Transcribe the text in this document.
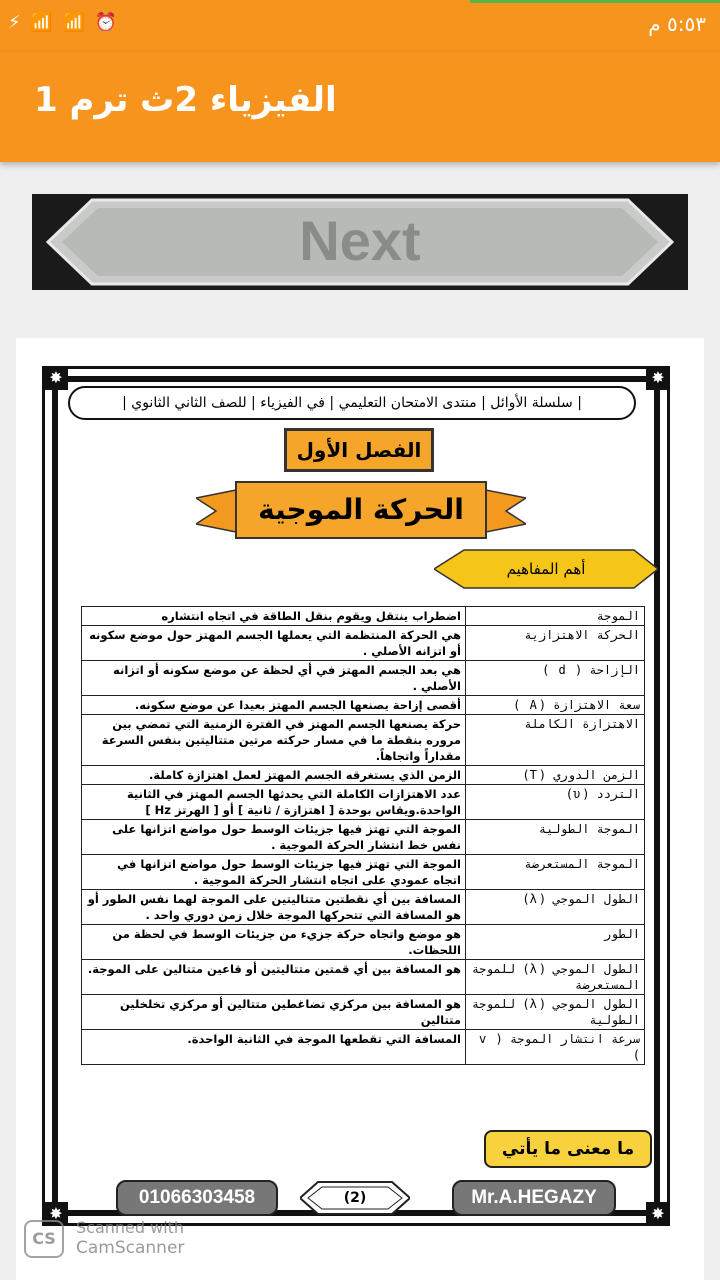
⚡ 📶 📶 ⏰	٥:٥٣ م
الفيزياء 2ث ترم 1
Next
✸	✸
✸	✸
| سلسلة الأوائل | منتدى الامتحان التعليمي | في الفيزياء | للصف الثاني الثانوي |
الفصل الأول
الحركة الموجية
أهم المفاهيم
الموجة	اضطراب ينتقل ويقوم بنقل الطاقة في اتجاه انتشاره
الحركة الاهتزازية	هي الحركة المنتظمة التي يعملها الجسم المهتز حول موضع سكونه أو اتزانه الأصلي .
الإزاحة ( d )	هي بعد الجسم المهتز في أي لحظة عن موضع سكونه أو اتزانه الأصلي .
سعة الاهتزازة (A )	أقصى إزاحة يصنعها الجسم المهتز بعيدا عن موضع سكونه.
الاهتزازة الكاملة	حركة يصنعها الجسم المهتز في الفترة الزمنية التي تمضي بين مروره بنقطة ما في مسار حركته مرتين متتاليتين بنفس السرعة مقداراً واتجاهاً.
الزمن الدوري (T)	الزمن الذي يستغرقه الجسم المهتز لعمل اهتزازة كاملة.
التردد (υ)	عدد الاهتزازات الكاملة التي يحدثها الجسم المهتز في الثانية الواحدة.ويقاس بوحدة [ اهتزازة / ثانية ] أو [ الهرتز Hz ]
الموجة الطولية	الموجة التي تهتز فيها جزيئات الوسط حول مواضع اتزانها على نفس خط انتشار الحركة الموجية .
الموجة المستعرضة	الموجة التي تهتز فيها جزيئات الوسط حول مواضع اتزانها في اتجاه عمودي على اتجاه انتشار الحركة الموجية .
الطول الموجي (λ)	المسافة بين أي نقطتين متتاليتين على الموجة لهما نفس الطور أو هو المسافة التي تتحركها الموجة خلال زمن دوري واحد .
الطور	هو موضع واتجاه حركة جزيء من جزيئات الوسط في لحظة من اللحظات.
الطول الموجي (λ) للموجة المستعرضة	هو المسافة بين أي قمتين متتاليتين أو قاعين متتالين على الموجة.
الطول الموجي (λ) للموجة الطولية	هو المسافة بين مركزي تضاغطين متتالين أو مركزي تخلخلين متتالين
سرعة انتشار الموجة ( v )	المسافة التي تقطعها الموجة في الثانية الواحدة.
ما معنى ما يأتي
01066303458	(2)	Mr.A.HEGAZY
CS
Scanned with
CamScanner
